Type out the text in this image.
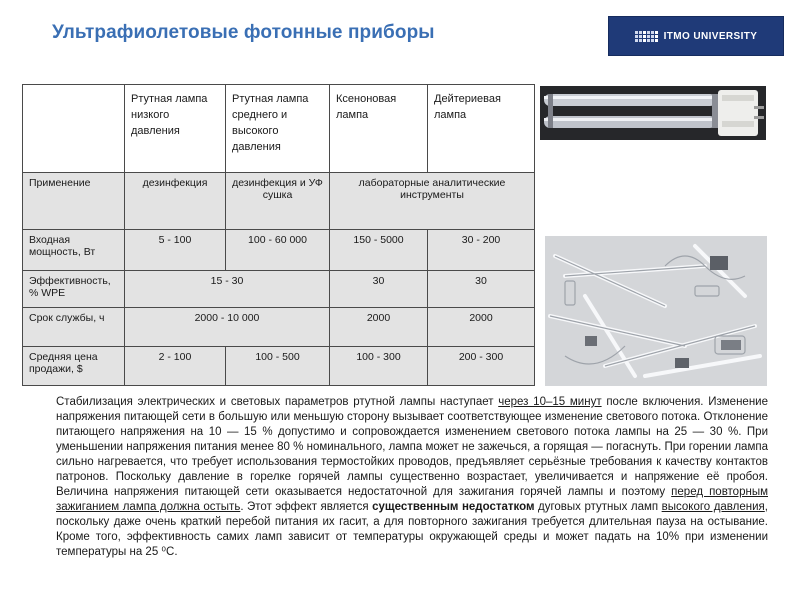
Ультрафиолетовые фотонные приборы	ITMO UNIVERSITY
	Ртутная лампа низкого давления	Ртутная лампа среднего и высокого давления	Ксеноновая лампа	Дейтериевая лампа
Применение	дезинфекция	дезинфекция и УФ сушка	лабораторные аналитические инструменты	
Входная мощность, Вт	5 - 100	100 - 60 000	150 - 5000	30 - 200
Эффективность, % WPE	15 - 30		30	30
Срок службы, ч	2000 - 10 000		2000	2000
Средняя цена продажи, $	2 - 100	100 - 500	100 - 300	200 - 300
Стабилизация электрических и световых параметров ртутной лампы наступает через 10–15 минут после включения. Изменение напряжения питающей сети в большую или меньшую сторону вызывает соответствующее изменение светового потока. Отклонение питающего напряжения на 10 — 15 % допустимо и сопровождается изменением светового потока лампы на 25 — 30 %. При уменьшении напряжения питания менее 80 % номинального, лампа может не зажечься, а горящая — погаснуть. При горении лампа сильно нагревается, что требует использования термостойких проводов, предъявляет серьёзные требования к качеству контактов патронов. Поскольку давление в горелке горячей лампы существенно возрастает, увеличивается и напряжение её пробоя. Величина напряжения питающей сети оказывается недостаточной для зажигания горячей лампы и поэтому перед повторным зажиганием лампа должна остыть. Этот эффект является существенным недостатком дуговых ртутных ламп высокого давления, поскольку даже очень краткий перебой питания их гасит, а для повторного зажигания требуется длительная пауза на остывание. Кроме того, эффективность самих ламп зависит от температуры окружающей среды и может падать на 10% при изменении температуры на 25 ⁰С.
